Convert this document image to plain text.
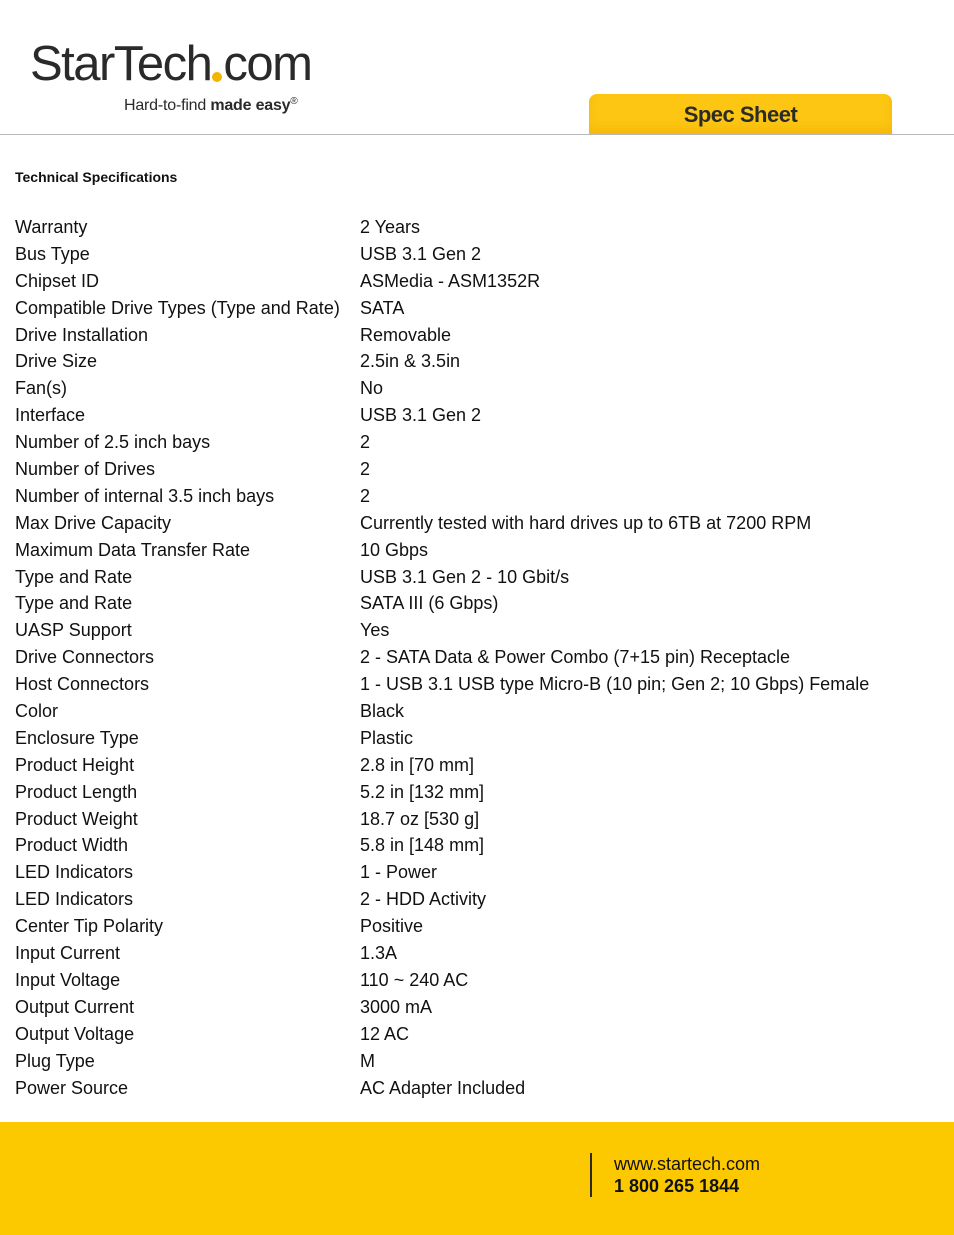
StarTech com
Hard-to-find made easy®
Spec Sheet
Technical Specifications
Warranty	2 Years
Bus Type	USB 3.1 Gen 2
Chipset ID	ASMedia - ASM1352R
Compatible Drive Types (Type and Rate)	SATA
Drive Installation	Removable
Drive Size	2.5in & 3.5in
Fan(s)	No
Interface	USB 3.1 Gen 2
Number of 2.5 inch bays	2
Number of Drives	2
Number of internal 3.5 inch bays	2
Max Drive Capacity	Currently tested with hard drives up to 6TB at 7200 RPM
Maximum Data Transfer Rate	10 Gbps
Type and Rate	USB 3.1 Gen 2 - 10 Gbit/s
Type and Rate	SATA III (6 Gbps)
UASP Support	Yes
Drive Connectors	2 - SATA Data & Power Combo (7+15 pin) Receptacle
Host Connectors	1 - USB 3.1 USB type Micro-B (10 pin; Gen 2; 10 Gbps) Female
Color	Black
Enclosure Type	Plastic
Product Height	2.8 in [70 mm]
Product Length	5.2 in [132 mm]
Product Weight	18.7 oz [530 g]
Product Width	5.8 in [148 mm]
LED Indicators	1 - Power
LED Indicators	2 - HDD Activity
Center Tip Polarity	Positive
Input Current	1.3A
Input Voltage	110 ~ 240 AC
Output Current	3000 mA
Output Voltage	12 AC
Plug Type	M
Power Source	AC Adapter Included
www.startech.com
1 800 265 1844
